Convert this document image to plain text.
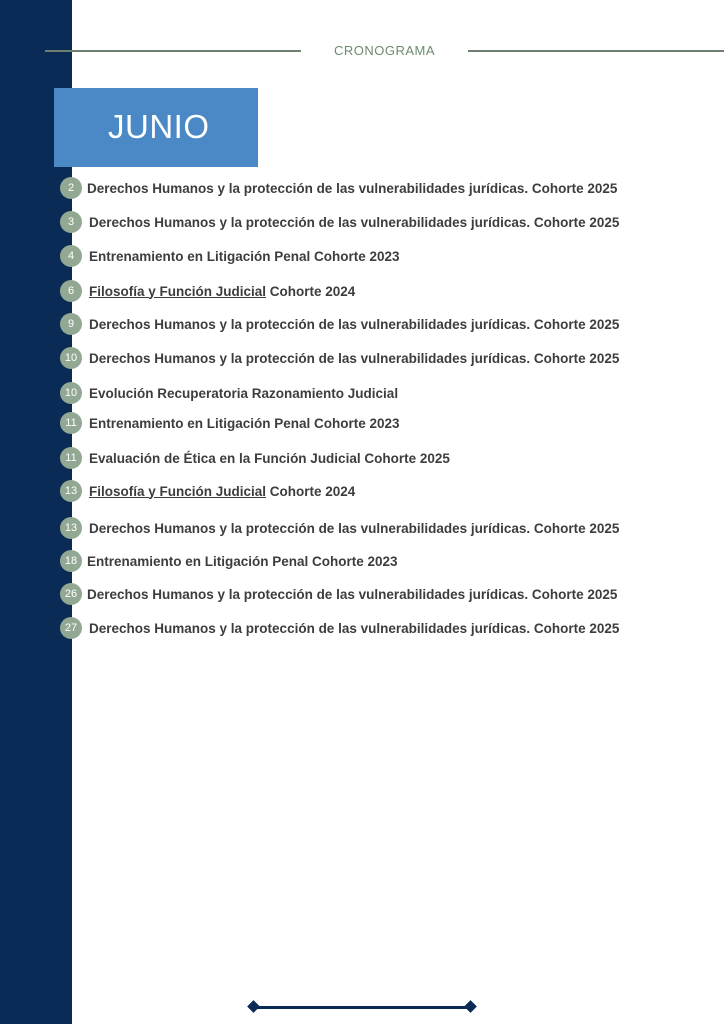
CRONOGRAMA
JUNIO
2 Derechos Humanos y la protección de las vulnerabilidades jurídicas. Cohorte 2025
3	Derechos Humanos y la protección de las vulnerabilidades jurídicas. Cohorte 2025
4	Entrenamiento en Litigación Penal Cohorte 2023
6	Filosofía y Función Judicial Cohorte 2024
9	Derechos Humanos y la protección de las vulnerabilidades jurídicas. Cohorte 2025
10 Derechos Humanos y la protección de las vulnerabilidades jurídicas. Cohorte 2025
10 Evolución Recuperatoria Razonamiento Judicial
11 Entrenamiento en Litigación Penal Cohorte 2023
11 Evaluación de Ética en la Función Judicial Cohorte 2025
13 Filosofía y Función Judicial Cohorte 2024
13 Derechos Humanos y la protección de las vulnerabilidades jurídicas. Cohorte 2025
18 Entrenamiento en Litigación Penal Cohorte 2023
26 Derechos Humanos y la protección de las vulnerabilidades jurídicas. Cohorte 2025
27 Derechos Humanos y la protección de las vulnerabilidades jurídicas. Cohorte 2025
